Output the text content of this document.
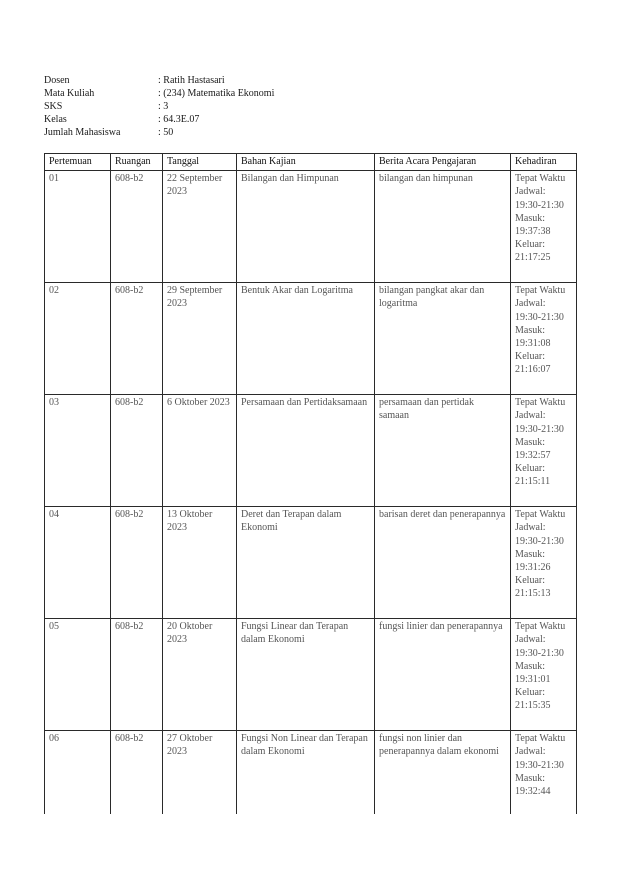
Dosen	: Ratih Hastasari
Mata Kuliah	: (234) Matematika Ekonomi
SKS	: 3
Kelas	: 64.3E.07
Jumlah Mahasiswa	: 50
Pertemuan	Ruangan	Tanggal	Bahan Kajian	Berita Acara Pengajaran	Kehadiran
01	608-b2	22 September 2023	Bilangan dan Himpunan	bilangan dan himpunan	Tepat Waktu
Jadwal: 19:30-21:30
Masuk: 19:37:38
Keluar: 21:17:25

02	608-b2	29 September 2023	Bentuk Akar dan Logaritma	bilangan pangkat akar dan logaritma	Tepat Waktu
Jadwal: 19:30-21:30
Masuk: 19:31:08
Keluar: 21:16:07

03	608-b2	6 Oktober 2023	Persamaan dan Pertidaksamaan	persamaan dan pertidak samaan	Tepat Waktu
Jadwal: 19:30-21:30
Masuk: 19:32:57
Keluar: 21:15:11

04	608-b2	13 Oktober 2023	Deret dan Terapan dalam Ekonomi	barisan deret dan penerapannya	Tepat Waktu
Jadwal: 19:30-21:30
Masuk: 19:31:26
Keluar: 21:15:13

05	608-b2	20 Oktober 2023	Fungsi Linear dan Terapan dalam Ekonomi	fungsi linier dan penerapannya	Tepat Waktu
Jadwal: 19:30-21:30
Masuk: 19:31:01
Keluar: 21:15:35

06	608-b2	27 Oktober 2023	Fungsi Non Linear dan Terapan dalam Ekonomi	fungsi non linier dan penerapannya dalam ekonomi	Tepat Waktu
Jadwal: 19:30-21:30
Masuk: 19:32:44
